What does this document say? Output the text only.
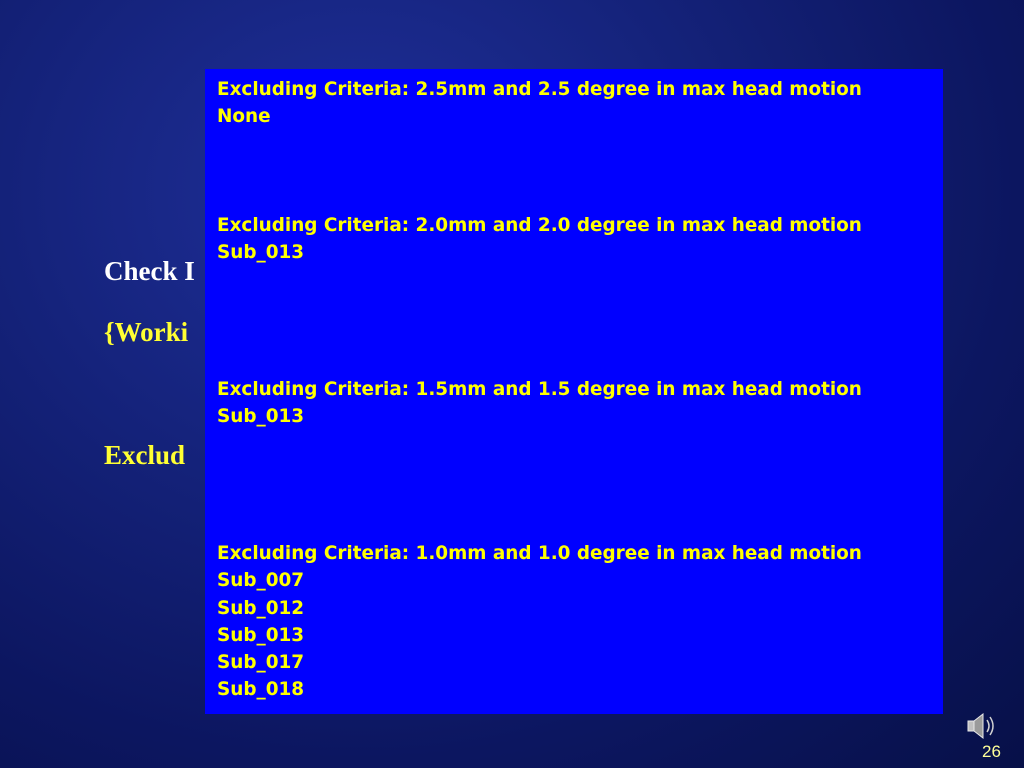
Check I
{Worki
Exclud
Excluding Criteria: 2.5mm and 2.5 degree in max head motion
None
Excluding Criteria: 2.0mm and 2.0 degree in max head motion
Sub_013
Excluding Criteria: 1.5mm and 1.5 degree in max head motion
Sub_013
Excluding Criteria: 1.0mm and 1.0 degree in max head motion
Sub_007
Sub_012
Sub_013
Sub_017
Sub_018
26
